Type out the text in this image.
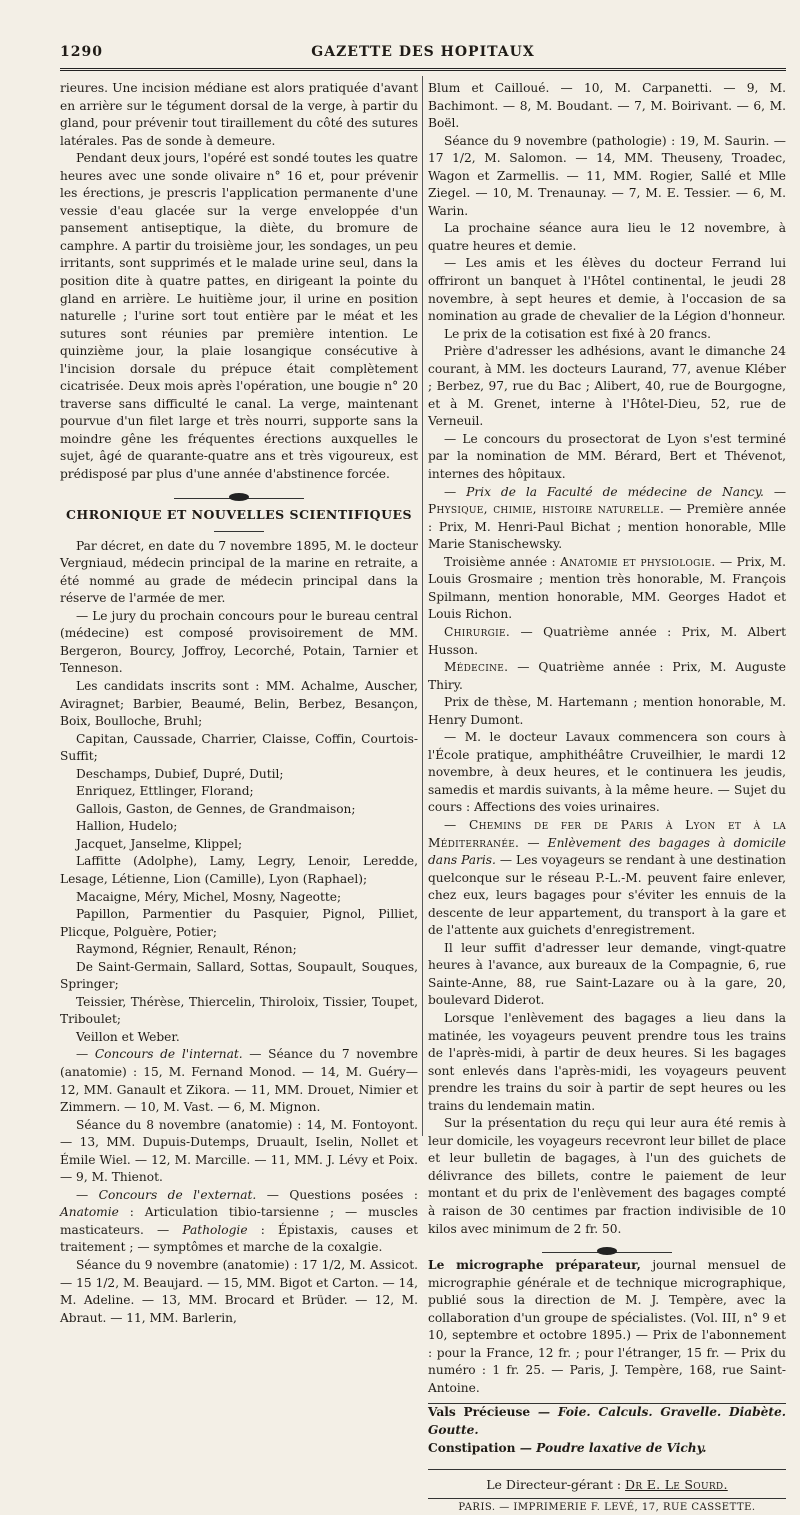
1290	GAZETTE DES HOPITAUX

rieures. Une incision médiane est alors pratiquée d'avant en arrière sur le tégument dorsal de la verge, à partir du gland, pour prévenir tout tiraillement du côté des sutures latérales. Pas de sonde à demeure.

Pendant deux jours, l'opéré est sondé toutes les quatre heures avec une sonde olivaire n° 16 et, pour prévenir les érections, je prescris l'application permanente d'une vessie d'eau glacée sur la verge enveloppée d'un pansement antiseptique, la diète, du bromure de camphre. A partir du troisième jour, les sondages, un peu irritants, sont supprimés et le malade urine seul, dans la position dite à quatre pattes, en dirigeant la pointe du gland en arrière. Le huitième jour, il urine en position naturelle ; l'urine sort tout entière par le méat et les sutures sont réunies par première intention. Le quinzième jour, la plaie losangique consécutive à l'incision dorsale du prépuce était complètement cicatrisée. Deux mois après l'opération, une bougie n° 20 traverse sans difficulté le canal. La verge, maintenant pourvue d'un filet large et très nourri, supporte sans la moindre gêne les fréquentes érections auxquelles le sujet, âgé de quarante-quatre ans et très vigoureux, est prédisposé par plus d'une année d'abstinence forcée.

CHRONIQUE ET NOUVELLES SCIENTIFIQUES

Par décret, en date du 7 novembre 1895, M. le docteur Vergniaud, médecin principal de la marine en retraite, a été nommé au grade de médecin principal dans la réserve de l'armée de mer.

— Le jury du prochain concours pour le bureau central (médecine) est composé provisoirement de MM. Bergeron, Bourcy, Joffroy, Lecorché, Potain, Tarnier et Tenneson.

Les candidats inscrits sont : MM. Achalme, Auscher, Aviragnet; Barbier, Beaumé, Belin, Berbez, Besançon, Boix, Boulloche, Bruhl;

Capitan, Caussade, Charrier, Claisse, Coffin, Courtois-Suffit;

Deschamps, Dubief, Dupré, Dutil;

Enriquez, Ettlinger, Florand;

Gallois, Gaston, de Gennes, de Grandmaison;

Hallion, Hudelo;

Jacquet, Janselme, Klippel;

Laffitte (Adolphe), Lamy, Legry, Lenoir, Leredde, Lesage, Létienne, Lion (Camille), Lyon (Raphael);

Macaigne, Méry, Michel, Mosny, Nageotte;

Papillon, Parmentier du Pasquier, Pignol, Pilliet, Plicque, Polguère, Potier;

Raymond, Régnier, Renault, Rénon;

De Saint-Germain, Sallard, Sottas, Soupault, Souques, Springer;

Teissier, Thérèse, Thiercelin, Thiroloix, Tissier, Toupet, Triboulet;

Veillon et Weber.

— Concours de l'internat. — Séance du 7 novembre (anatomie) : 15, M. Fernand Monod. — 14, M. Guéry— 12, MM. Ganault et Zikora. — 11, MM. Drouet, Nimier et Zimmern. — 10, M. Vast. — 6, M. Mignon.

Séance du 8 novembre (anatomie) : 14, M. Fontoyont. — 13, MM. Dupuis-Dutemps, Druault, Iselin, Nollet et Émile Wiel. — 12, M. Marcille. — 11, MM. J. Lévy et Poix. — 9, M. Thienot.

— Concours de l'externat. — Questions posées : Anatomie : Articulation tibio-tarsienne ; — muscles masticateurs. — Pathologie : Épistaxis, causes et traitement ; — symptômes et marche de la coxalgie.

Séance du 9 novembre (anatomie) : 17 1/2, M. Assicot. — 15 1/2, M. Beaujard. — 15, MM. Bigot et Carton. — 14, M. Adeline. — 13, MM. Brocard et Brüder. — 12, M. Abraut. — 11, MM. Barlerin,

Blum et Cailloué. — 10, M. Carpanetti. — 9, M. Bachimont. — 8, M. Boudant. — 7, M. Boirivant. — 6, M. Boël.

Séance du 9 novembre (pathologie) : 19, M. Saurin. — 17 1/2, M. Salomon. — 14, MM. Theuseny, Troadec, Wagon et Zarmellis. — 11, MM. Rogier, Sallé et Mlle Ziegel. — 10, M. Trenaunay. — 7, M. E. Tessier. — 6, M. Warin.

La prochaine séance aura lieu le 12 novembre, à quatre heures et demie.

— Les amis et les élèves du docteur Ferrand lui offriront un banquet à l'Hôtel continental, le jeudi 28 novembre, à sept heures et demie, à l'occasion de sa nomination au grade de chevalier de la Légion d'honneur.

Le prix de la cotisation est fixé à 20 francs.

Prière d'adresser les adhésions, avant le dimanche 24 courant, à MM. les docteurs Laurand, 77, avenue Kléber ; Berbez, 97, rue du Bac ; Alibert, 40, rue de Bourgogne, et à M. Grenet, interne à l'Hôtel-Dieu, 52, rue de Verneuil.

— Le concours du prosectorat de Lyon s'est terminé par la nomination de MM. Bérard, Bert et Thévenot, internes des hôpitaux.

— Prix de la Faculté de médecine de Nancy. — Physique, chimie, histoire naturelle. — Première année : Prix, M. Henri-Paul Bichat ; mention honorable, Mlle Marie Stanischewsky.

Troisième année : Anatomie et physiologie. — Prix, M. Louis Grosmaire ; mention très honorable, M. François Spilmann, mention honorable, MM. Georges Hadot et Louis Richon.

Chirurgie. — Quatrième année : Prix, M. Albert Husson.

Médecine. — Quatrième année : Prix, M. Auguste Thiry.

Prix de thèse, M. Hartemann ; mention honorable, M. Henry Dumont.

— M. le docteur Lavaux commencera son cours à l'École pratique, amphithéâtre Cruveilhier, le mardi 12 novembre, à deux heures, et le continuera les jeudis, samedis et mardis suivants, à la même heure. — Sujet du cours : Affections des voies urinaires.

— Chemins de fer de Paris à Lyon et à la Méditerranée. — Enlèvement des bagages à domicile dans Paris. — Les voyageurs se rendant à une destination quelconque sur le réseau P.-L.-M. peuvent faire enlever, chez eux, leurs bagages pour s'éviter les ennuis de la descente de leur appartement, du transport à la gare et de l'attente aux guichets d'enregistrement.

Il leur suffit d'adresser leur demande, vingt-quatre heures à l'avance, aux bureaux de la Compagnie, 6, rue Sainte-Anne, 88, rue Saint-Lazare ou à la gare, 20, boulevard Diderot.

Lorsque l'enlèvement des bagages a lieu dans la matinée, les voyageurs peuvent prendre tous les trains de l'après-midi, à partir de deux heures. Si les bagages sont enlevés dans l'après-midi, les voyageurs peuvent prendre les trains du soir à partir de sept heures ou les trains du lendemain matin.

Sur la présentation du reçu qui leur aura été remis à leur domicile, les voyageurs recevront leur billet de place et leur bulletin de bagages, à l'un des guichets de délivrance des billets, contre le paiement de leur montant et du prix de l'enlèvement des bagages compté à raison de 30 centimes par fraction indivisible de 10 kilos avec minimum de 2 fr. 50.

Le micrographe préparateur, journal mensuel de micrographie générale et de technique micrographique, publié sous la direction de M. J. Tempère, avec la collaboration d'un groupe de spécialistes. (Vol. III, n° 9 et 10, septembre et octobre 1895.) — Prix de l'abonnement : pour la France, 12 fr. ; pour l'étranger, 15 fr. — Prix du numéro : 1 fr. 25. — Paris, J. Tempère, 168, rue Saint-Antoine.

Vals Précieuse — Foie. Calculs. Gravelle. Diabète. Goutte.

Constipation — Poudre laxative de Vichy.

Le Directeur-gérant : Dr E. Le Sourd.
PARIS. — IMPRIMERIE F. LEVÉ, 17, RUE CASSETTE.
